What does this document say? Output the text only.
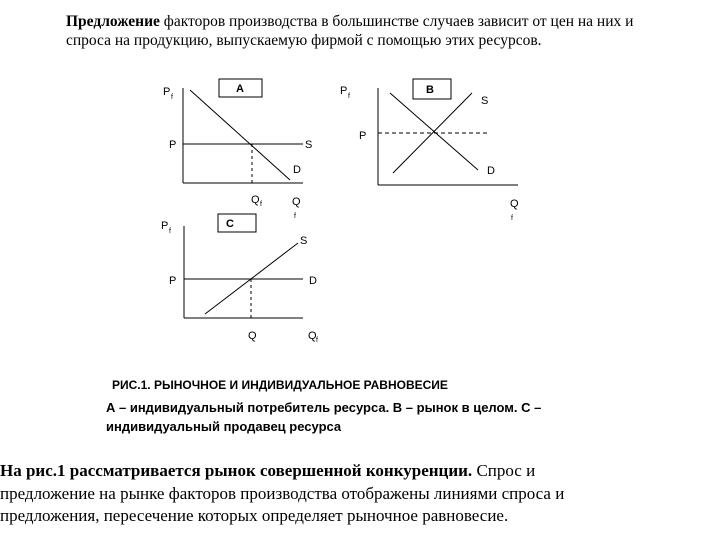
Предложение факторов производства в большинстве случаев зависит от цен на них и
спроса на продукцию, выпускаемую фирмой с помощью этих ресурсов.
A
P f
P	S
D
Q f	Q
f
B
P f	S
P
D
Q
f
C
P f
S
P	D
Q	Q f
РИС.1. РЫНОЧНОЕ И ИНДИВИДУАЛЬНОЕ РАВНОВЕСИЕ
А – индивидуальный потребитель ресурса. В – рынок в целом. С –
индивидуальный продавец ресурса
На рис.1 рассматривается рынок совершенной конкуренции. Спрос и
предложение на рынке факторов производства отображены линиями спроса и
предложения, пересечение которых определяет рыночное равновесие.
